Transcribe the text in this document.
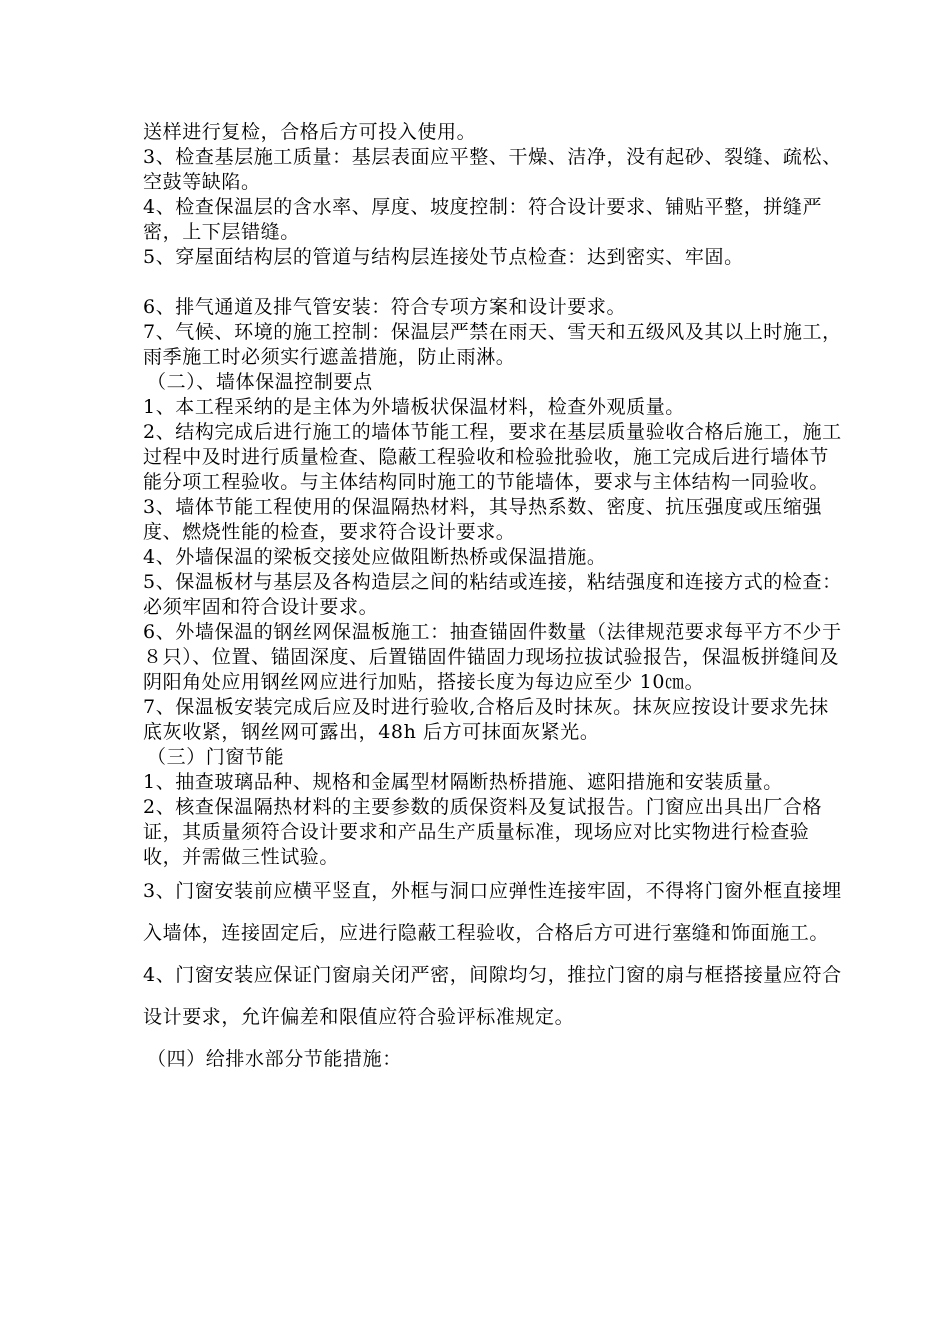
送样进行复检，合格后方可投入使用。

3、检查基层施工质量：基层表面应平整、干燥、洁净，没有起砂、裂缝、疏松、空鼓等缺陷。

4、检查保温层的含水率、厚度、坡度控制：符合设计要求、铺贴平整，拼缝严密，上下层错缝。

5、穿屋面结构层的管道与结构层连接处节点检查：达到密实、牢固。

6、排气通道及排气管安装：符合专项方案和设计要求。

7、气候、环境的施工控制：保温层严禁在雨天、雪天和五级风及其以上时施工，雨季施工时必须实行遮盖措施，防止雨淋。

（二）、墙体保温控制要点

1、本工程采纳的是主体为外墙板状保温材料，检查外观质量。

2、结构完成后进行施工的墙体节能工程，要求在基层质量验收合格后施工，施工过程中及时进行质量检查、隐蔽工程验收和检验批验收，施工完成后进行墙体节能分项工程验收。与主体结构同时施工的节能墙体，要求与主体结构一同验收。

3、墙体节能工程使用的保温隔热材料，其导热系数、密度、抗压强度或压缩强度、燃烧性能的检查，要求符合设计要求。

4、外墙保温的梁板交接处应做阻断热桥或保温措施。

5、保温板材与基层及各构造层之间的粘结或连接，粘结强度和连接方式的检查：必须牢固和符合设计要求。

6、外墙保温的钢丝网保温板施工：抽查锚固件数量（法律规范要求每平方不少于８只）、位置、锚固深度、后置锚固件锚固力现场拉拔试验报告，保温板拼缝间及阴阳角处应用钢丝网应进行加贴，搭接长度为每边应至少 10㎝。

7、保温板安装完成后应及时进行验收,合格后及时抹灰。抹灰应按设计要求先抹底灰收紧，钢丝网可露出，48h 后方可抹面灰紧光。

（三）门窗节能

1、抽查玻璃品种、规格和金属型材隔断热桥措施、遮阳措施和安装质量。

2、核查保温隔热材料的主要参数的质保资料及复试报告。门窗应出具出厂合格证，其质量须符合设计要求和产品生产质量标准，现场应对比实物进行检查验收，并需做三性试验。

3、门窗安装前应横平竖直，外框与洞口应弹性连接牢固，不得将门窗外框直接埋入墙体，连接固定后，应进行隐蔽工程验收，合格后方可进行塞缝和饰面施工。

4、门窗安装应保证门窗扇关闭严密，间隙均匀，推拉门窗的扇与框搭接量应符合设计要求，允许偏差和限值应符合验评标准规定。

（四）给排水部分节能措施：
